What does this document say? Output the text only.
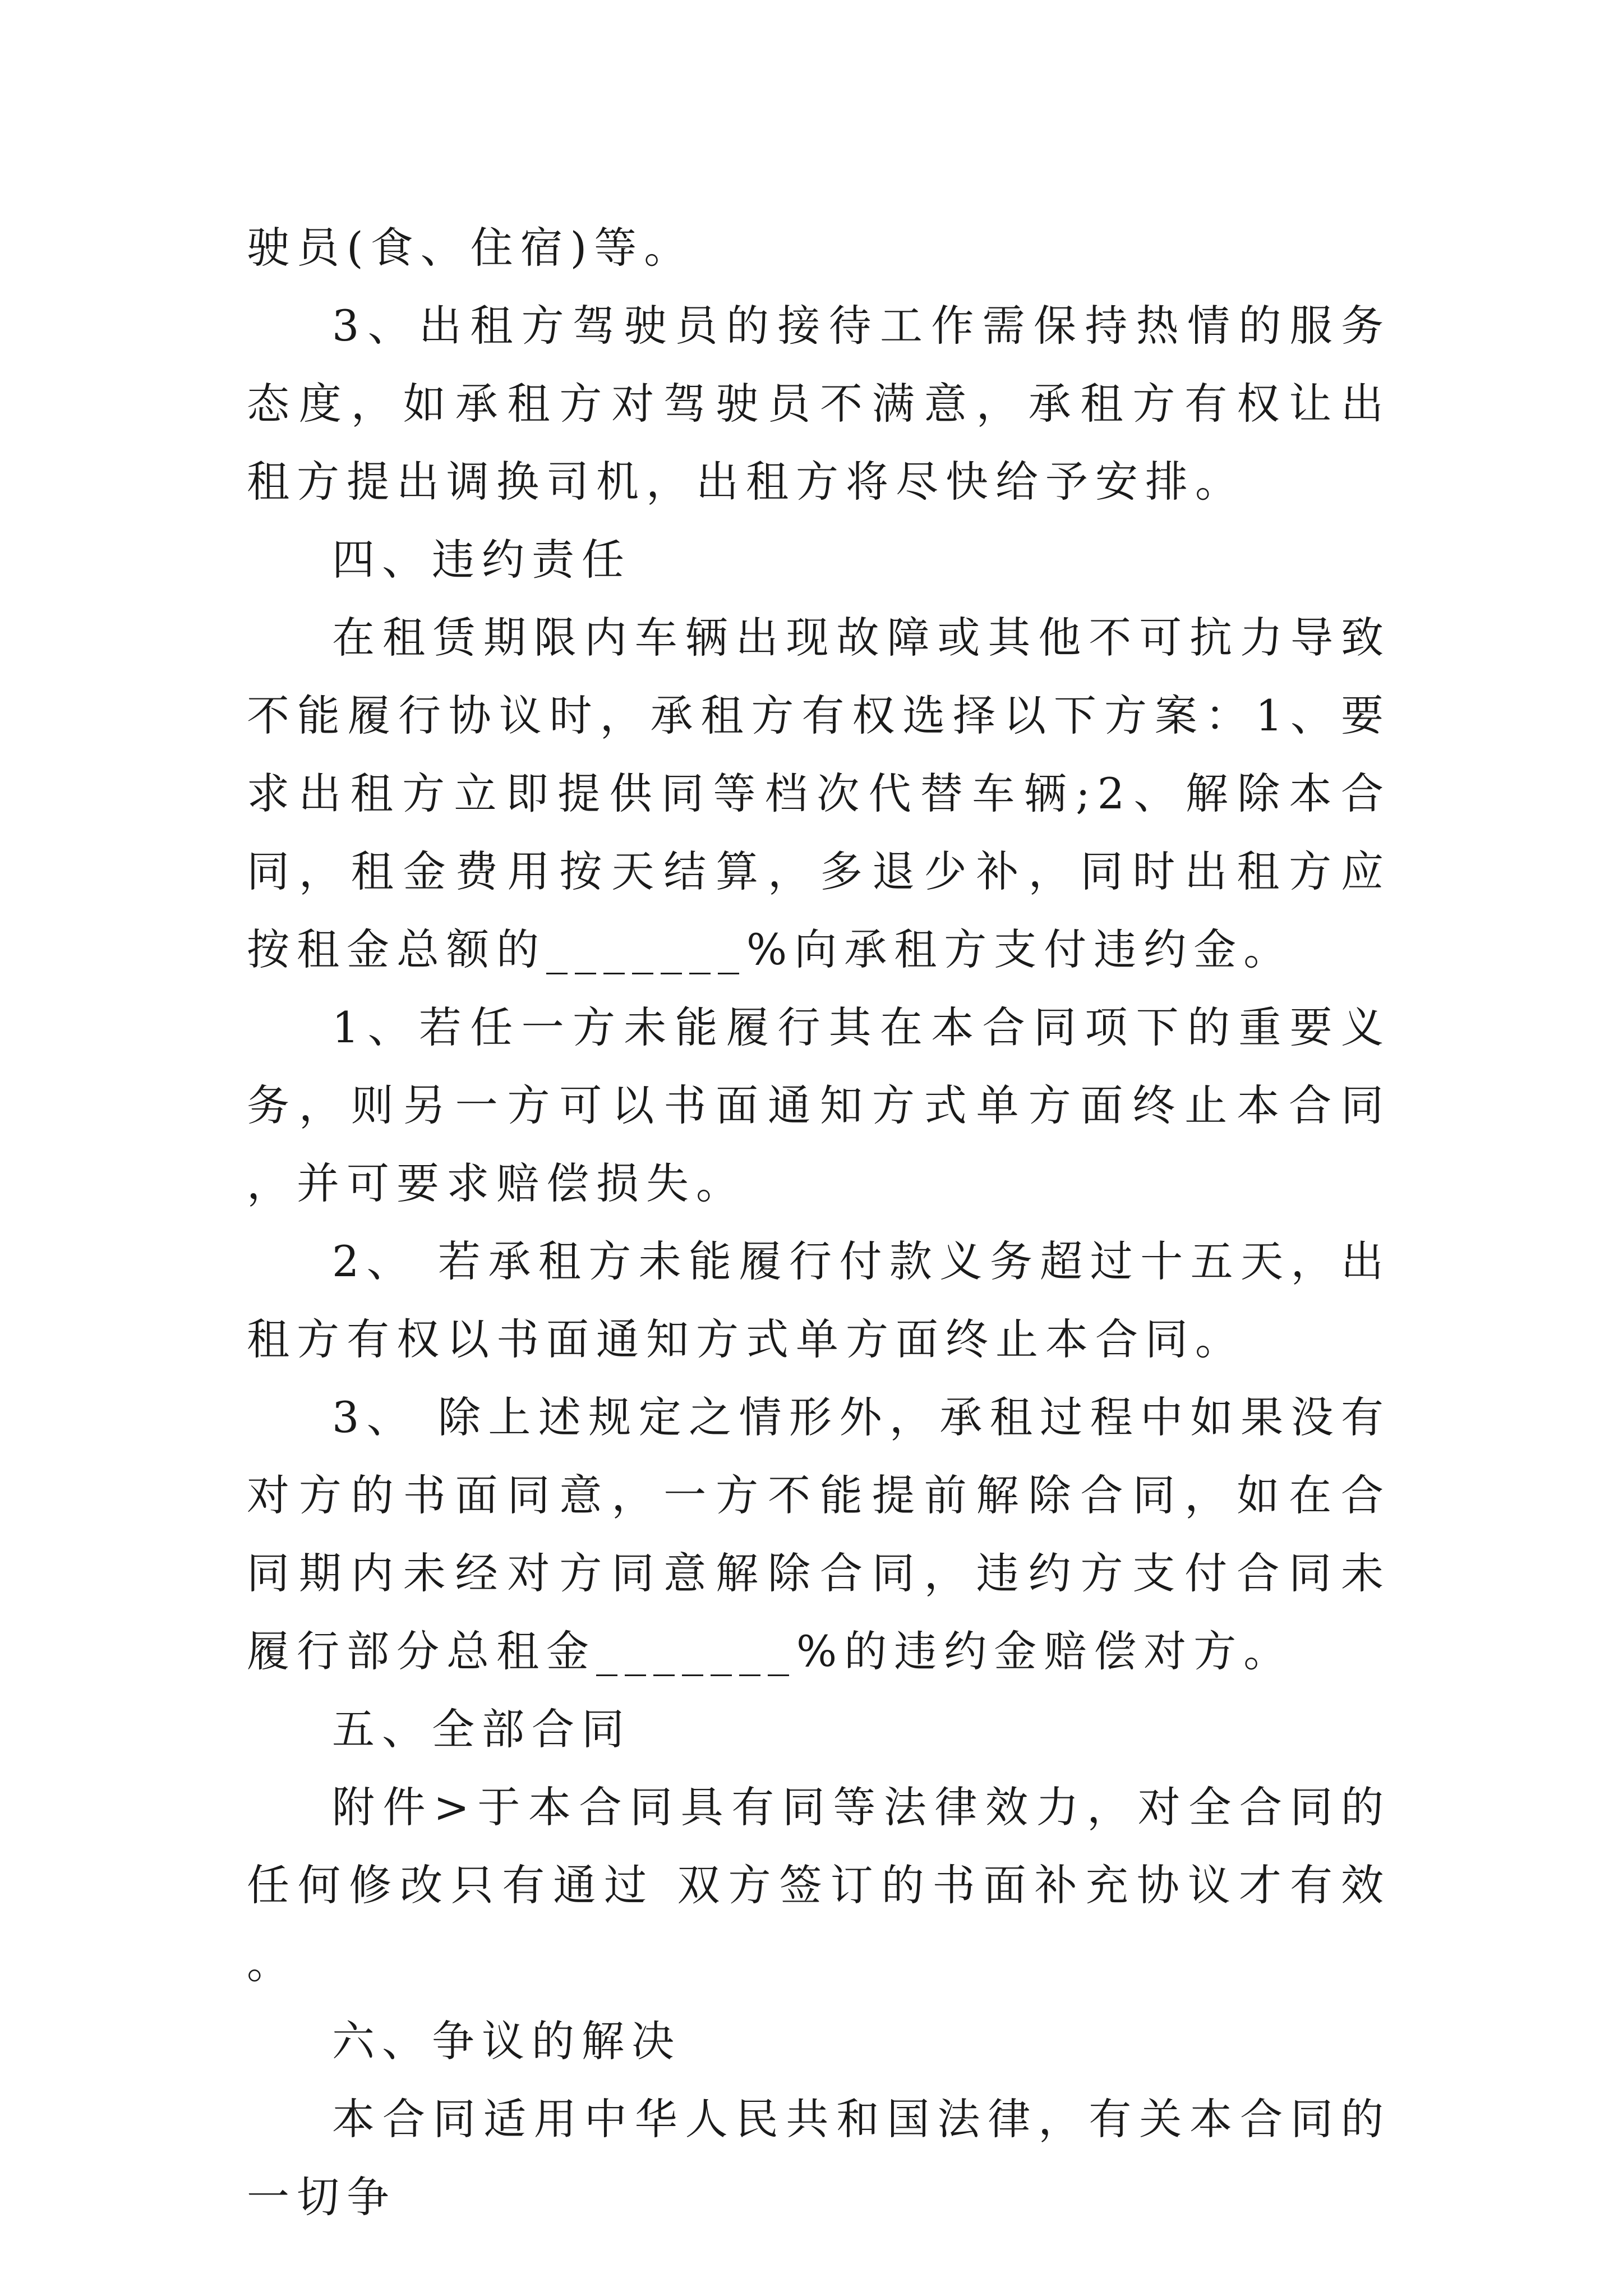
驶员(食、住宿)等。

3、出租方驾驶员的接待工作需保持热情的服务态度，如承租方对驾驶员不满意，承租方有权让出租方提出调换司机，出租方将尽快给予安排。

四、违约责任

在租赁期限内车辆出现故障或其他不可抗力导致不能履行协议时，承租方有权选择以下方案：1、要求出租方立即提供同等档次代替车辆;2、解除本合同，租金费用按天结算，多退少补，同时出租方应按租金总额的_______%向承租方支付违约金。

1、若任一方未能履行其在本合同项下的重要义务，则另一方可以书面通知方式单方面终止本合同，并可要求赔偿损失。

2、 若承租方未能履行付款义务超过十五天，出租方有权以书面通知方式单方面终止本合同。

3、 除上述规定之情形外，承租过程中如果没有对方的书面同意，一方不能提前解除合同，如在合同期内未经对方同意解除合同，违约方支付合同未履行部分总租金_______%的违约金赔偿对方。

五、全部合同

附件>于本合同具有同等法律效力，对全合同的任何修改只有通过 双方签订的书面补充协议才有效。

六、争议的解决

本合同适用中华人民共和国法律，有关本合同的一切争
